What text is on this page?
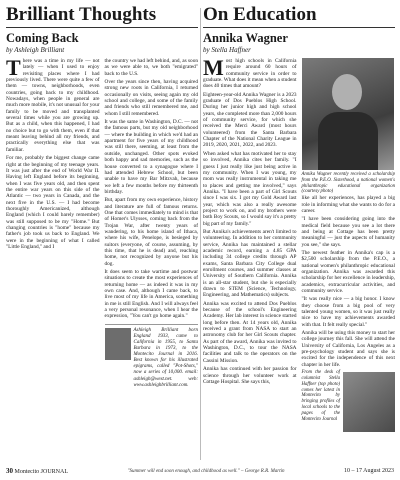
Brilliant Thoughts
Coming Back
by Ashleigh Brilliant

There was a time in my life — not lately — when I used to enjoy revisiting places where I had previously lived. There were quite a few of them — towns, neighborhoods, even countries, going back to my childhood. Nowadays, when people in general are much more mobile, it's not unusual for your family to be moved and transplanted several times while you are growing up. But as a child, when this happened, I had no choice but to go with them, even if that meant leaving behind all my friends, and practically everything else that was familiar.

For me, probably the biggest change came right at the beginning of my teenage years. It was just after the end of World War II. Having left England before its beginning, when I was five years old, and then spent the entire war years on this side of the Atlantic — two years in Canada, and the next five in the U.S. — I had become thoroughly Americanized, although England (which I could barely remember) was still supposed to be my "Home." But changing countries is "home" because my father's job took us back to England. We were in the beginning of what I called "Little England," and I

the country we had left behind, and, as soon as we were able to, we both "emigrated" back to the U.S.

Over the years since then, having acquired strong new roots in California, I returned occasionally on visits, seeing again my old school and college, and some of the family and friends who still remembered me, and whom I still remembered.

It was the same in Washington, D.C. — not the famous parts, but my old neighborhood — where the building in which we'd had an apartment for five years of my childhood was still there, seeming, at least from the outside, unchanged. Other spots evoked both happy and sad memories, such as the house converted to a synagogue where I had attended Hebrew School, but been unable to have my Bar Mitzvah, because we left a few months before my thirteenth birthday.

But, apart from my own experience, history and literature are full of famous returns. One that comes immediately to mind is that of Homer's Ulysses, coming back from the Trojan War, after twenty years of wandering, to his home island of Ithaca, where his wife, Penelope, is besieged by suitors (everyone, of course, assuming, by this time, that he is dead) and, reaching home, not recognized by anyone but his dog.

It does seem to take wartime and postwar situations to create the most experiences of returning home — as indeed it was in my own case. And, although I came back, to live most of my life in America, something in me is still English. And I will always feel a very personal resonance, when I hear the expression, "You can't go home again."

Ashleigh Brilliant born England 1933, came to California in 1955, to Santa Barbara in 1973, to the Montecito Journal in 2016. Best known for his illustrated epigrams, called "Pot-Shots," now a series of 10,000. email: ashleigh@west.net. web: www.ashleighbrilliant.com.
On Education
Annika Wagner
by Stella Haffner

Most high schools in California require around 60 hours of community service in order to graduate. What does it mean when a student does 40 times that amount?

Eighteen-year-old Annika Wagner is a 2023 graduate of Dos Pueblos High School. During her junior high and high school years, she completed more than 2,000 hours of community service, for which she received the Merci Award (most hours volunteered) from the Santa Barbara Chapter of the National Charity League in 2019, 2020, 2021, 2022, and 2023.

When asked what has motivated her to stay so involved, Annika cites her family. "I guess I just really like just being active in my community. When I was young, my mom was really instrumental in taking me to places and getting me involved," says Annika. "I have been a part of Girl Scouts since I was six. I got my Gold Award last year, which was also a really awesome project to work on, and my brothers were both Boy Scouts, so I would say it's a pretty big part of my family."

But Annika's achievements aren't limited to volunteering. In addition to her community service, Annika has maintained a stellar academic record, earning a 4.85 GPA including 34 college credits through AP exams, Santa Barbara City College dual enrollment courses, and summer classes at University of Southern California. Annika is an all-star student, but she is especially drawn to STEM (Science, Technology, Engineering, and Mathematics) subjects.

Annika was excited to attend Dos Pueblos because of the school's Engineering Academy. Her lab interest in science started long before then. At 14 years old, Annika received a grant from NASA to start an astronomy club for her Girl Scouts chapter. As part of the award, Annika was invited to Washington, D.C., to tour the NASA facilities and talk to the operators on the Cassini Mission.

Annika has continued with her passion for science through her volunteer work at Cottage Hospital. She says this,

Annika Wagner recently received a scholarship from the P.E.O. Sisterhood, a national women's philanthropic educational organization (courtesy photo)

like all her experiences, has played a big role in informing what she wants to do for a career.

"I have been considering going into the medical field because you see a lot there and being at Cottage has been pretty meaningful — just the aspects of humanity you see," she says.

The newest feather in Annika's cap is a $2,500 scholarship from the P.E.O., a national women's philanthropic educational organization. Annika was awarded this scholarship for her excellence in leadership, academics, extracurricular activities, and community service.

"It was really nice — a big honor. I know they choose from a big pool of very talented young women, so it was just really nice to have my achievements awarded with that. It felt really special."

Annika will be using this money to start her college journey this fall. She will attend the University of California, Los Angeles as a pre-psychology student and says she is excited for the independence of this next chapter in her life.

From the desk of columnist Stella Haffner (top photo) comes her latest in Montecito by bringing profiles of local schools to the pages of the Montecito Journal
30 Montecito JOURNAL	"Summer will end soon enough, and childhood as well." – George R.R. Martin	10 – 17 August 2023
